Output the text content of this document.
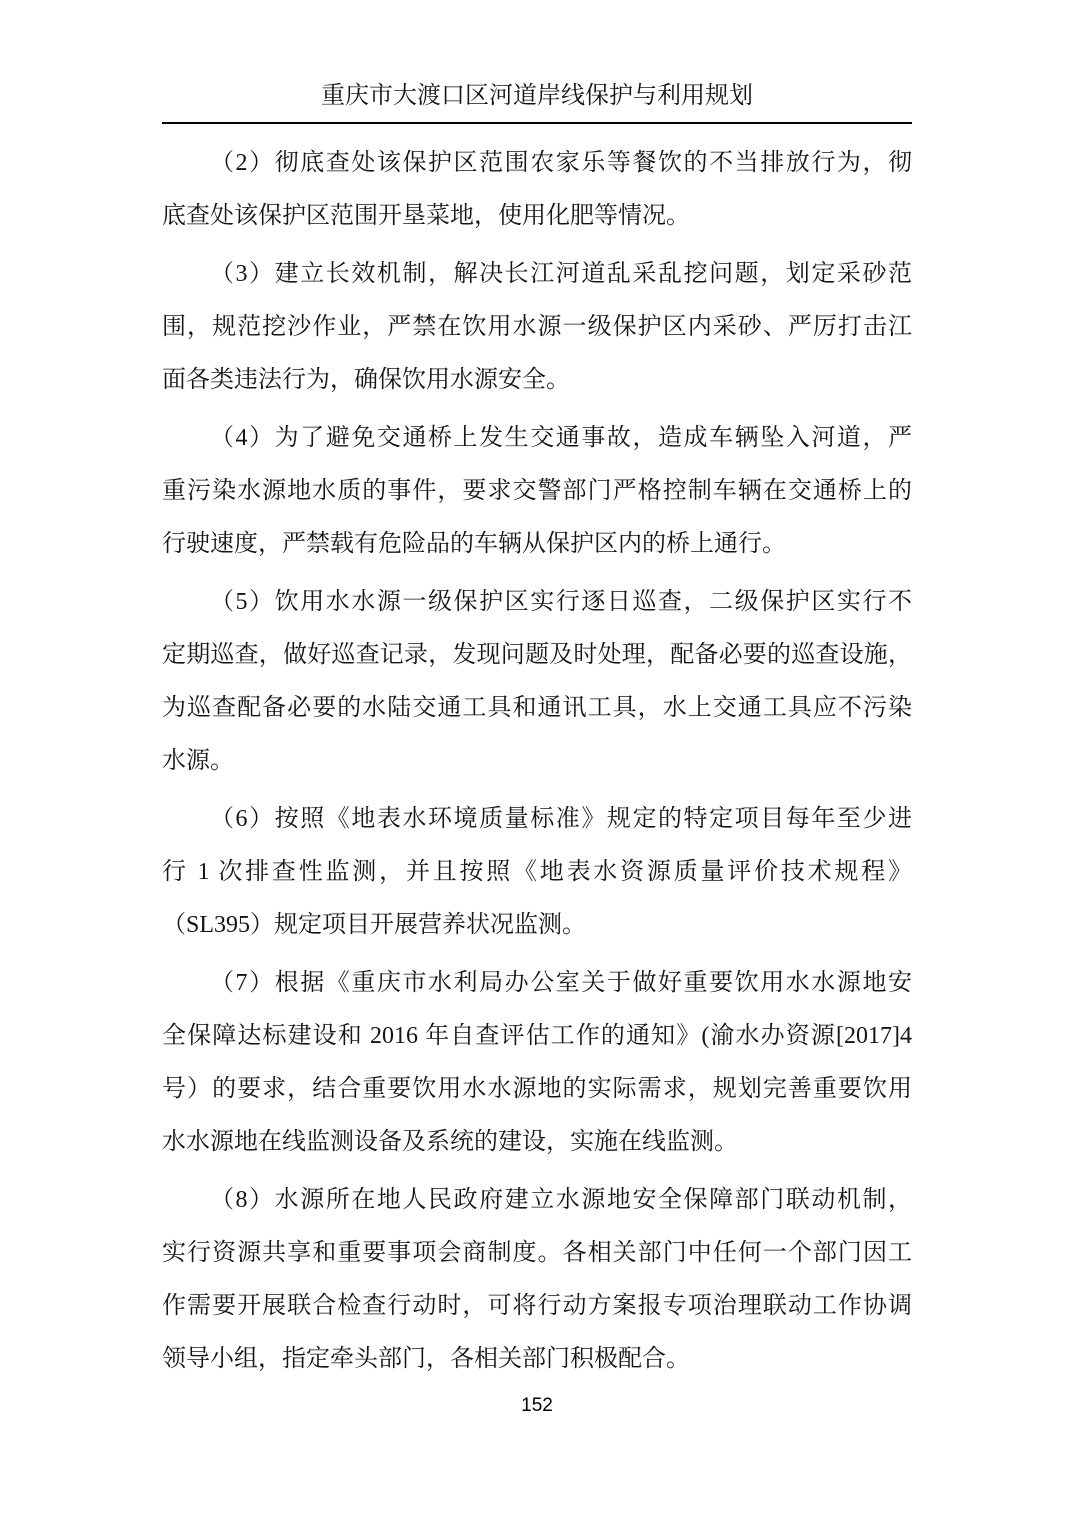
重庆市大渡口区河道岸线保护与利用规划
（2）彻底查处该保护区范围农家乐等餐饮的不当排放行为，彻
底查处该保护区范围开垦菜地，使用化肥等情况。
（3）建立长效机制，解决长江河道乱采乱挖问题，划定采砂范
围，规范挖沙作业，严禁在饮用水源一级保护区内采砂、严厉打击江
面各类违法行为，确保饮用水源安全。
（4）为了避免交通桥上发生交通事故，造成车辆坠入河道，严
重污染水源地水质的事件，要求交警部门严格控制车辆在交通桥上的
行驶速度，严禁载有危险品的车辆从保护区内的桥上通行。
（5）饮用水水源一级保护区实行逐日巡查，二级保护区实行不
定期巡查，做好巡查记录，发现问题及时处理，配备必要的巡查设施，
为巡查配备必要的水陆交通工具和通讯工具，水上交通工具应不污染
水源。
（6）按照《地表水环境质量标准》规定的特定项目每年至少进
行 1 次排查性监测，并且按照《地表水资源质量评价技术规程》
（SL395）规定项目开展营养状况监测。
（7）根据《重庆市水利局办公室关于做好重要饮用水水源地安
全保障达标建设和 2016 年自查评估工作的通知》(渝水办资源[2017]4
号）的要求，结合重要饮用水水源地的实际需求，规划完善重要饮用
水水源地在线监测设备及系统的建设，实施在线监测。
（8）水源所在地人民政府建立水源地安全保障部门联动机制，
实行资源共享和重要事项会商制度。各相关部门中任何一个部门因工
作需要开展联合检查行动时，可将行动方案报专项治理联动工作协调
领导小组，指定牵头部门，各相关部门积极配合。
152
